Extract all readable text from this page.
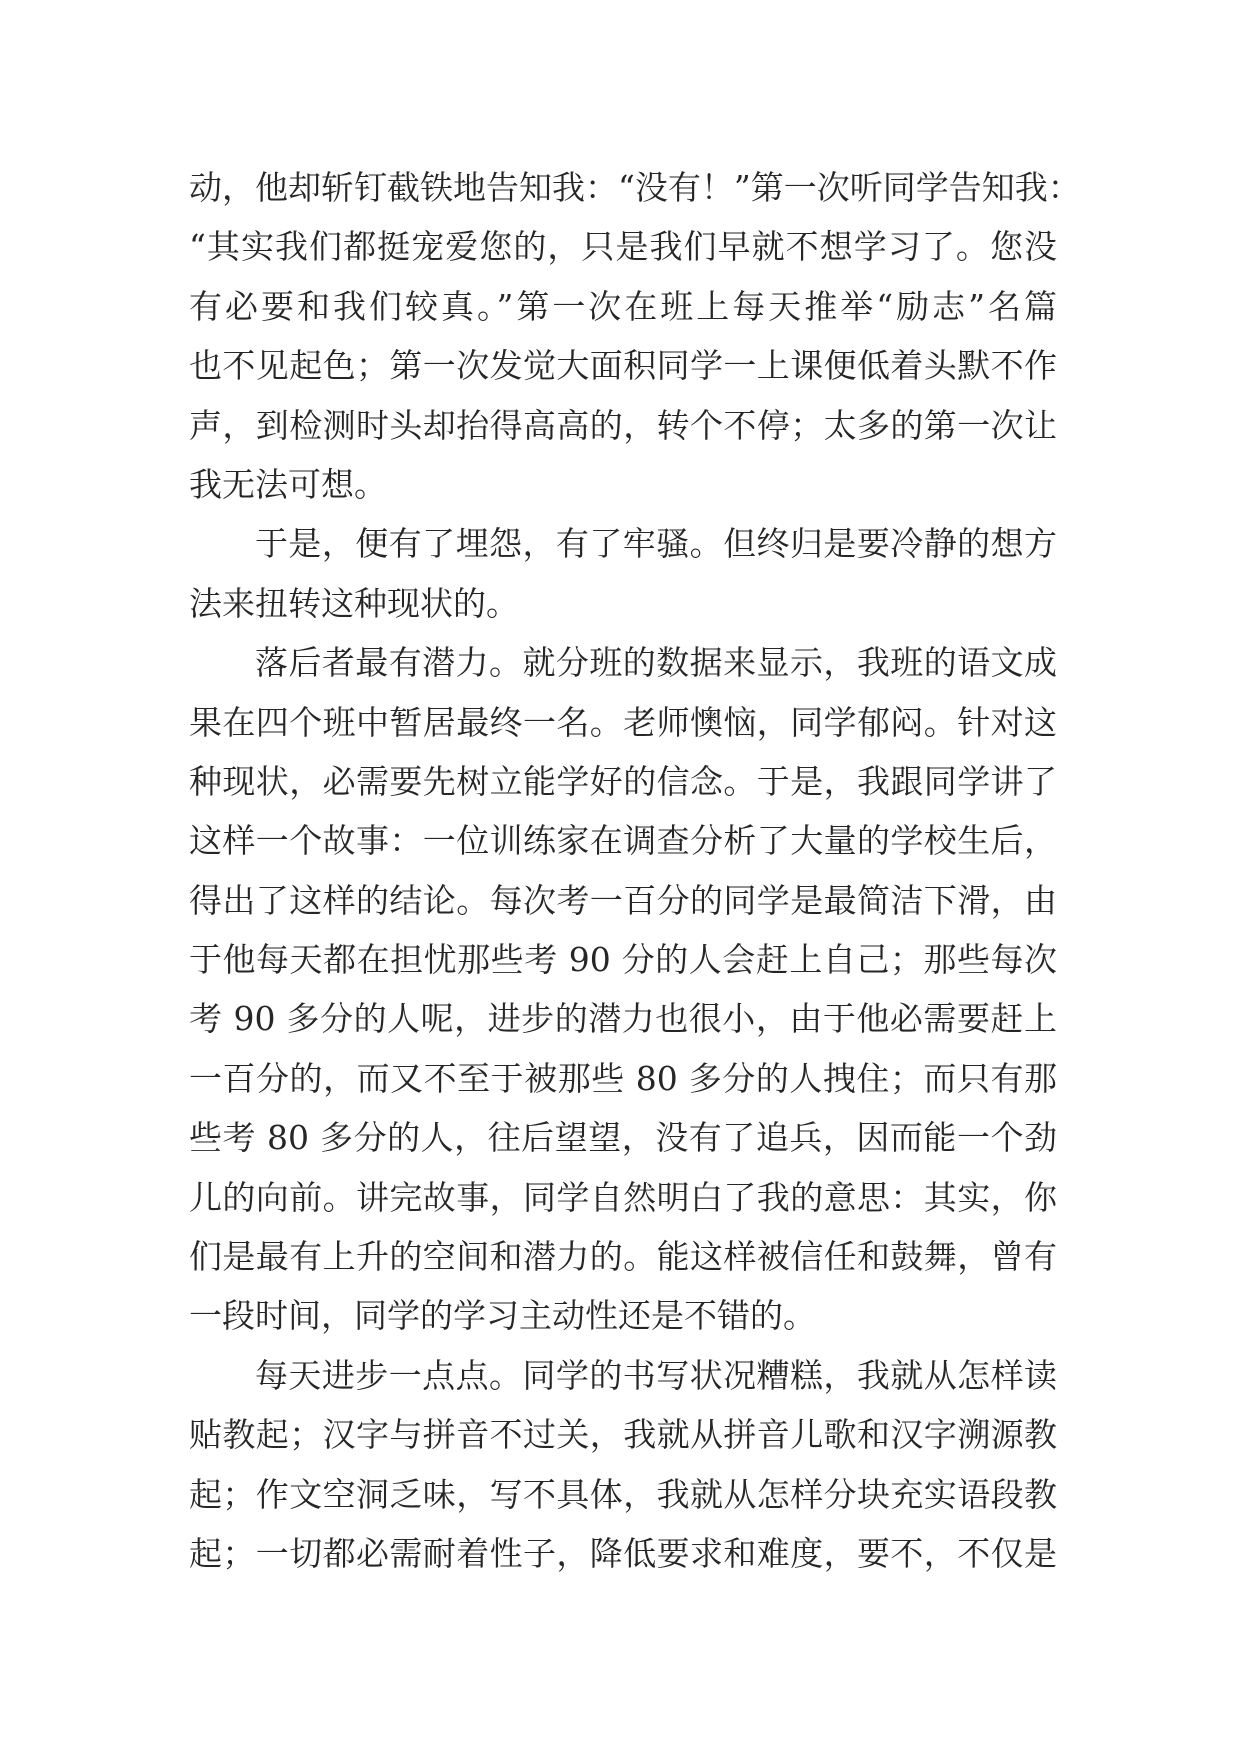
动，他却斩钉截铁地告知我：“没有！”第一次听同学告知我：
“其实我们都挺宠爱您的，只是我们早就不想学习了。您没
有必要和我们较真。”第一次在班上每天推举“励志”名篇
也不见起色；第一次发觉大面积同学一上课便低着头默不作
声，到检测时头却抬得高高的，转个不停；太多的第一次让
我无法可想。
于是，便有了埋怨，有了牢骚。但终归是要冷静的想方
法来扭转这种现状的。
落后者最有潜力。就分班的数据来显示，我班的语文成
果在四个班中暂居最终一名。老师懊恼，同学郁闷。针对这
种现状，必需要先树立能学好的信念。于是，我跟同学讲了
这样一个故事：一位训练家在调查分析了大量的学校生后，
得出了这样的结论。每次考一百分的同学是最简洁下滑，由
于他每天都在担忧那些考 90 分的人会赶上自己；那些每次
考 90 多分的人呢，进步的潜力也很小，由于他必需要赶上
一百分的，而又不至于被那些 80 多分的人拽住；而只有那
些考 80 多分的人，往后望望，没有了追兵，因而能一个劲
儿的向前。讲完故事，同学自然明白了我的意思：其实，你
们是最有上升的空间和潜力的。能这样被信任和鼓舞，曾有
一段时间，同学的学习主动性还是不错的。
每天进步一点点。同学的书写状况糟糕，我就从怎样读
贴教起；汉字与拼音不过关，我就从拼音儿歌和汉字溯源教
起；作文空洞乏味，写不具体，我就从怎样分块充实语段教
起；一切都必需耐着性子，降低要求和难度，要不，不仅是
